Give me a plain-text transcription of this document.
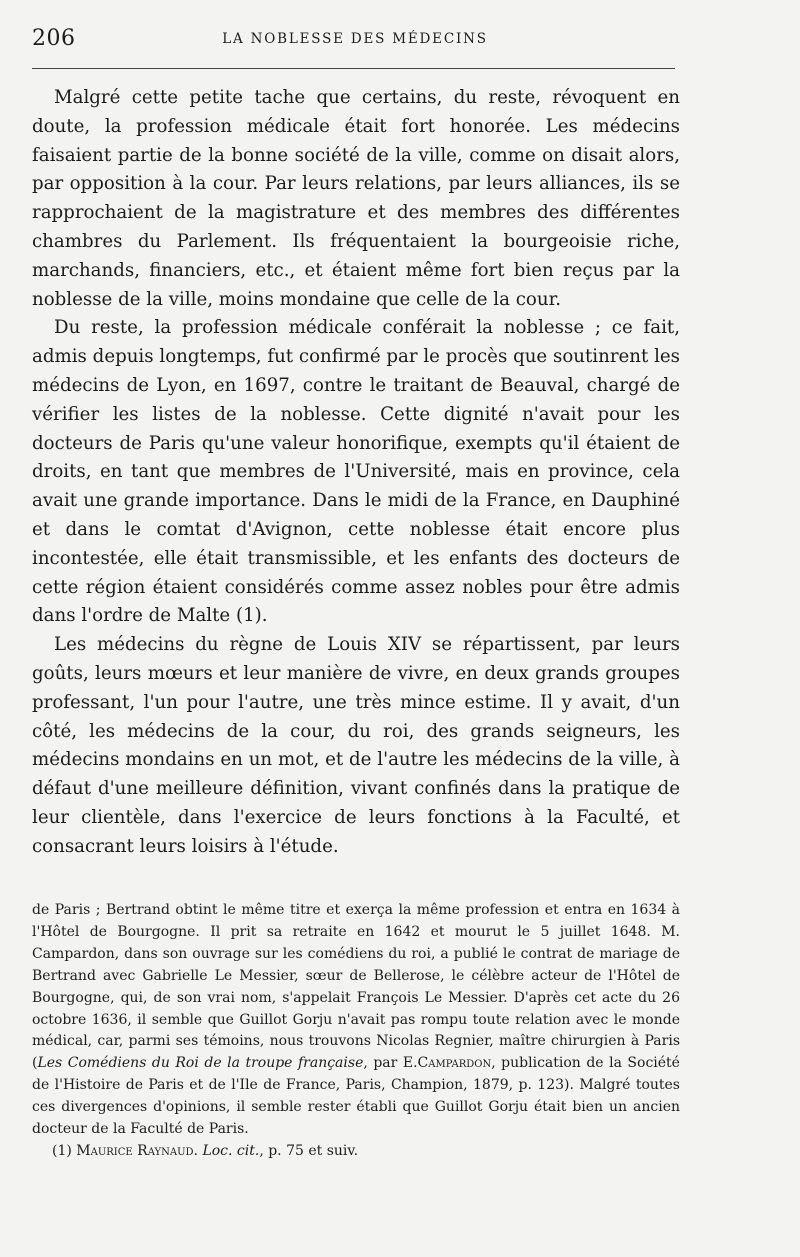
206	LA NOBLESSE DES MÉDECINS

Malgré cette petite tache que certains, du reste, révoquent en doute, la profession médicale était fort honorée. Les médecins faisaient partie de la bonne société de la ville, comme on disait alors, par opposition à la cour. Par leurs relations, par leurs alliances, ils se rapprochaient de la magistrature et des membres des différentes chambres du Parlement. Ils fréquentaient la bourgeoisie riche, marchands, financiers, etc., et étaient même fort bien reçus par la noblesse de la ville, moins mondaine que celle de la cour.

Du reste, la profession médicale conférait la noblesse ; ce fait, admis depuis longtemps, fut confirmé par le procès que soutinrent les médecins de Lyon, en 1697, contre le traitant de Beauval, chargé de vérifier les listes de la noblesse. Cette dignité n'avait pour les docteurs de Paris qu'une valeur honorifique, exempts qu'il étaient de droits, en tant que membres de l'Université, mais en province, cela avait une grande importance. Dans le midi de la France, en Dauphiné et dans le comtat d'Avignon, cette noblesse était encore plus incontestée, elle était transmissible, et les enfants des docteurs de cette région étaient considérés comme assez nobles pour être admis dans l'ordre de Malte (1).

Les médecins du règne de Louis XIV se répartissent, par leurs goûts, leurs mœurs et leur manière de vivre, en deux grands groupes professant, l'un pour l'autre, une très mince estime. Il y avait, d'un côté, les médecins de la cour, du roi, des grands seigneurs, les médecins mondains en un mot, et de l'autre les médecins de la ville, à défaut d'une meilleure définition, vivant confinés dans la pratique de leur clientèle, dans l'exercice de leurs fonctions à la Faculté, et consacrant leurs loisirs à l'étude.

de Paris ; Bertrand obtint le même titre et exerça la même profession et entra en 1634 à l'Hôtel de Bourgogne. Il prit sa retraite en 1642 et mourut le 5 juillet 1648. M. Campardon, dans son ouvrage sur les comédiens du roi, a publié le contrat de mariage de Bertrand avec Gabrielle Le Messier, sœur de Bellerose, le célèbre acteur de l'Hôtel de Bourgogne, qui, de son vrai nom, s'appelait François Le Messier. D'après cet acte du 26 octobre 1636, il semble que Guillot Gorju n'avait pas rompu toute relation avec le monde médical, car, parmi ses témoins, nous trouvons Nicolas Regnier, maître chirurgien à Paris (Les Comédiens du Roi de la troupe française, par E.Campardon, publication de la Société de l'Histoire de Paris et de l'Ile de France, Paris, Champion, 1879, p. 123). Malgré toutes ces divergences d'opinions, il semble rester établi que Guillot Gorju était bien un ancien docteur de la Faculté de Paris.

(1) Maurice Raynaud. Loc. cit., p. 75 et suiv.
